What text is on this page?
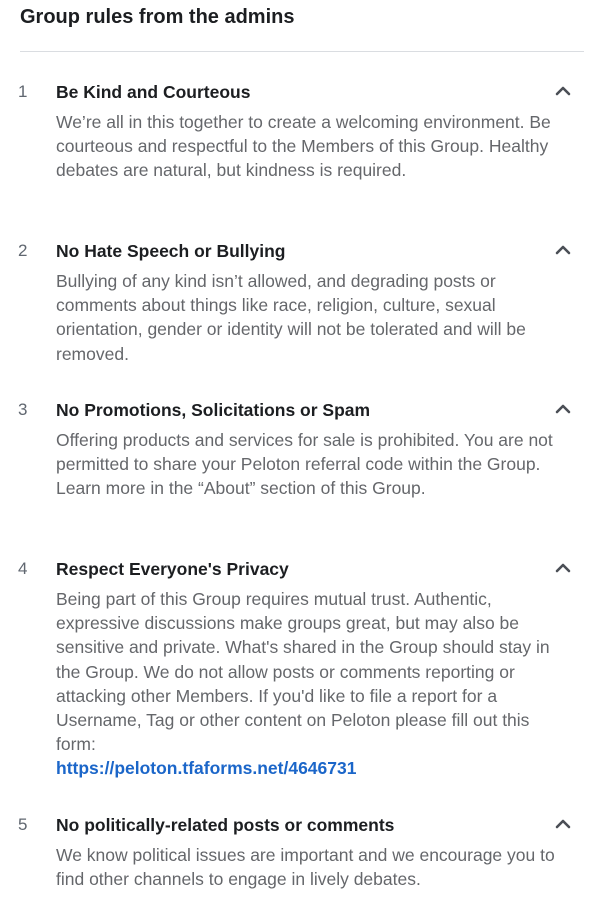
Group rules from the admins
1 Be Kind and Courteous
We’re all in this together to create a welcoming environment. Be courteous and respectful to the Members of this Group. Healthy debates are natural, but kindness is required.
2 No Hate Speech or Bullying
Bullying of any kind isn’t allowed, and degrading posts or comments about things like race, religion, culture, sexual orientation, gender or identity will not be tolerated and will be removed.
3 No Promotions, Solicitations or Spam
Offering products and services for sale is prohibited. You are not permitted to share your Peloton referral code within the Group. Learn more in the “About” section of this Group.
4 Respect Everyone's Privacy
Being part of this Group requires mutual trust. Authentic, expressive discussions make groups great, but may also be sensitive and private. What's shared in the Group should stay in the Group. We do not allow posts or comments reporting or attacking other Members. If you'd like to file a report for a Username, Tag or other content on Peloton please fill out this form:
https://peloton.tfaforms.net/4646731
5 No politically-related posts or comments
We know political issues are important and we encourage you to find other channels to engage in lively debates.
